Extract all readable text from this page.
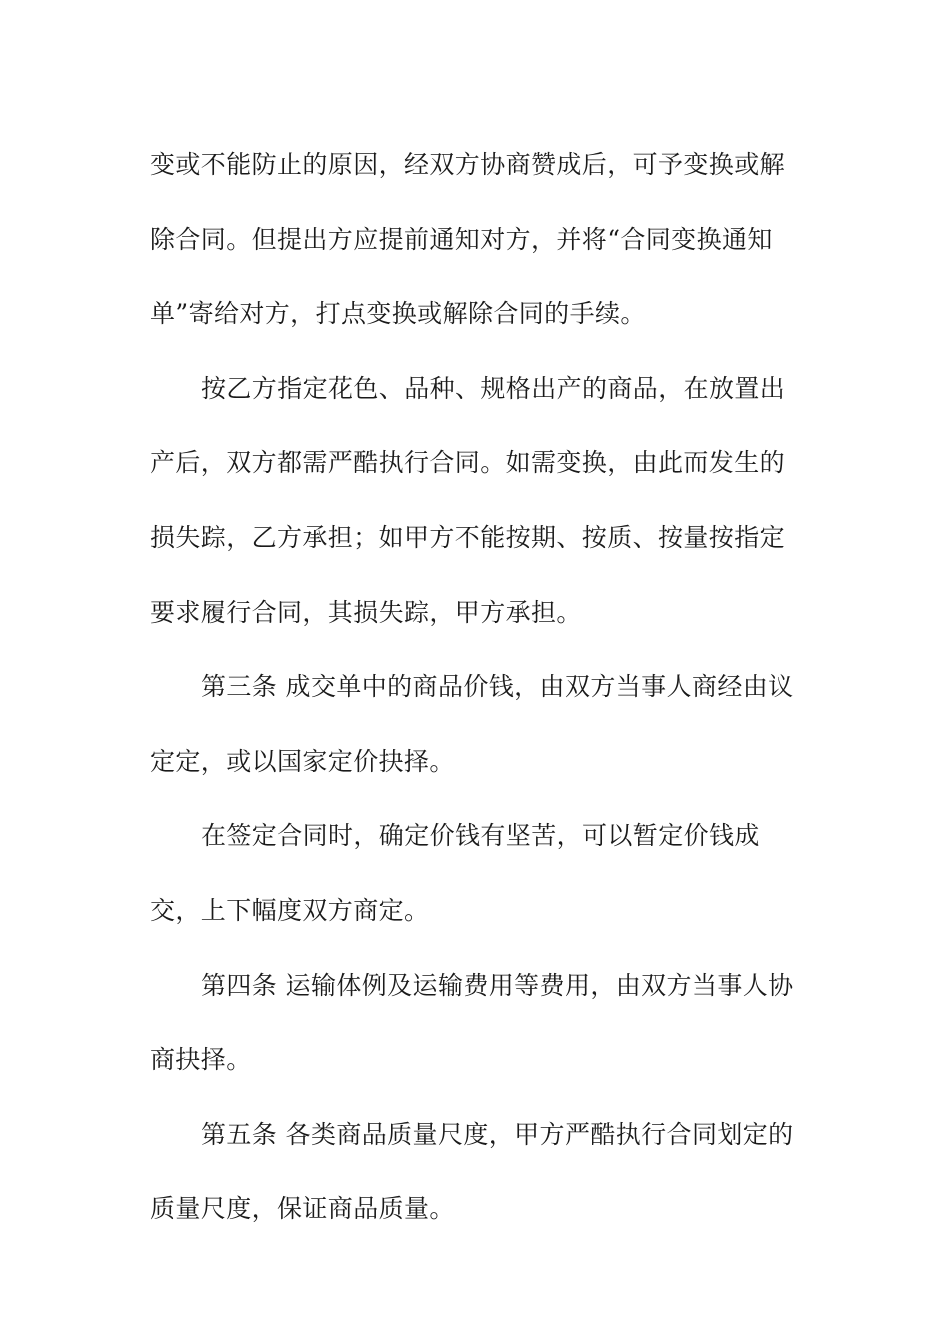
变或不能防止的原因，经双方协商赞成后，可予变换或解
除合同。但提出方应提前通知对方，并将“合同变换通知
单”寄给对方，打点变换或解除合同的手续。
按乙方指定花色、品种、规格出产的商品，在放置出
产后，双方都需严酷执行合同。如需变换，由此而发生的
损失踪，乙方承担；如甲方不能按期、按质、按量按指定
要求履行合同，其损失踪，甲方承担。
第三条 成交单中的商品价钱，由双方当事人商经由议
定定，或以国家定价抉择。
在签定合同时，确定价钱有坚苦，可以暂定价钱成
交，上下幅度双方商定。
第四条 运输体例及运输费用等费用，由双方当事人协
商抉择。
第五条 各类商品质量尺度，甲方严酷执行合同划定的
质量尺度，保证商品质量。
